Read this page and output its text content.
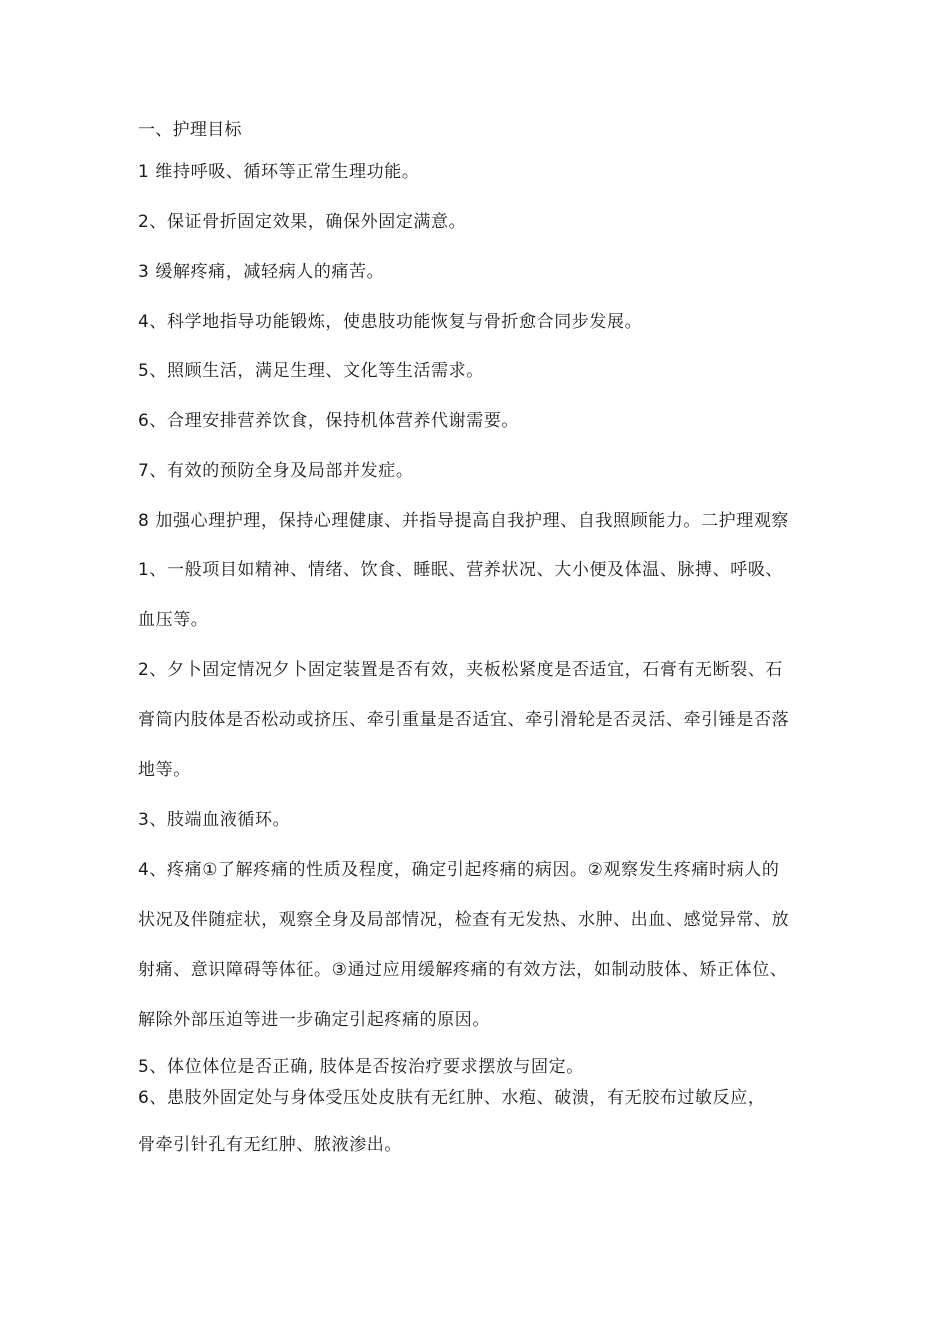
一、护理目标
1 维持呼吸、循环等正常生理功能。
2、保证骨折固定效果，确保外固定满意。
3 缓解疼痛，减轻病人的痛苦。
4、科学地指导功能锻炼，使患肢功能恢复与骨折愈合同步发展。
5、照顾生活，满足生理、文化等生活需求。
6、合理安排营养饮食，保持机体营养代谢需要。
7、有效的预防全身及局部并发症。
8 加强心理护理，保持心理健康、并指导提高自我护理、自我照顾能力。二护理观察
1、一般项目如精神、情绪、饮食、睡眠、营养状况、大小便及体温、脉搏、呼吸、
血压等。
2、夕卜固定情况夕卜固定装置是否有效，夹板松紧度是否适宜，石膏有无断裂、石
膏筒内肢体是否松动或挤压、牵引重量是否适宜、牵引滑轮是否灵活、牵引锤是否落
地等。
3、肢端血液循环。
4、疼痛①了解疼痛的性质及程度，确定引起疼痛的病因。②观察发生疼痛时病人的
状况及伴随症状，观察全身及局部情况，检查有无发热、水肿、出血、感觉异常、放
射痛、意识障碍等体征。③通过应用缓解疼痛的有效方法，如制动肢体、矫正体位、
解除外部压迫等进一步确定引起疼痛的原因。
5、体位体位是否正确, 肢体是否按治疗要求摆放与固定。
6、患肢外固定处与身体受压处皮肤有无红肿、水疱、破溃，有无胶布过敏反应，
骨牵引针孔有无红肿、脓液渗出。
